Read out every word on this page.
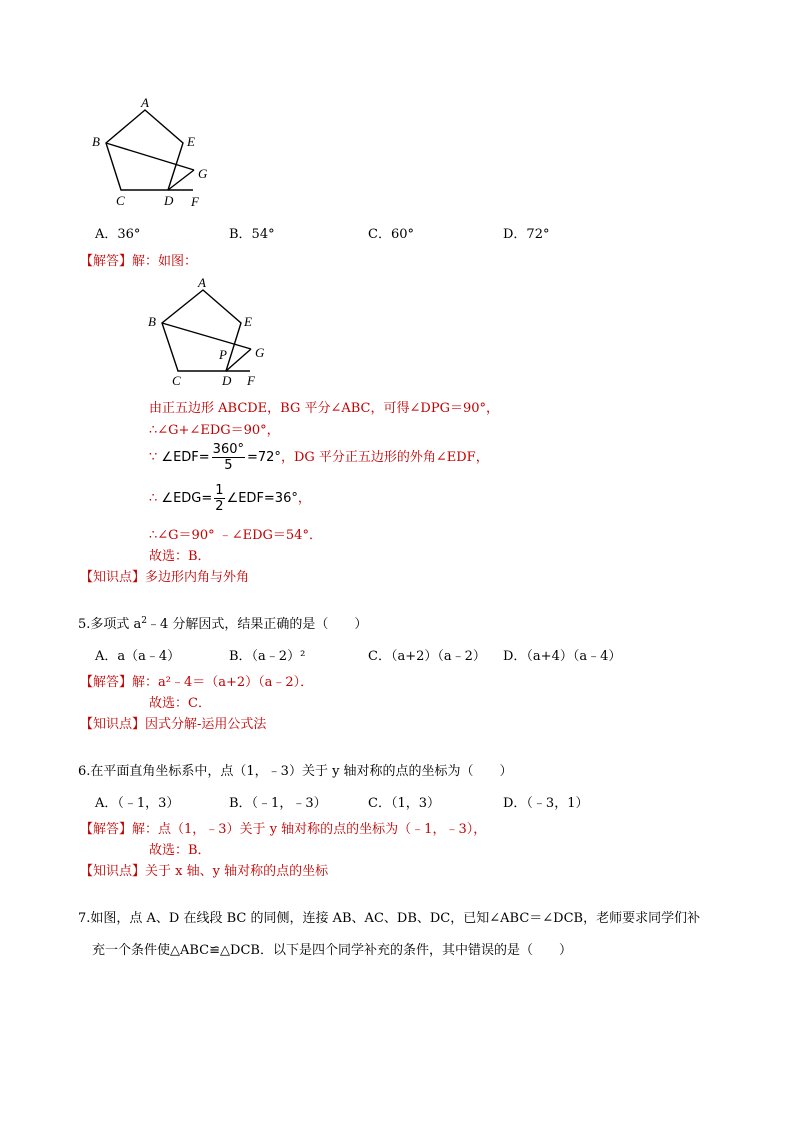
A
B	E
G
C	D F
A．36°	B．54°	C．60°	D．72°
【解答】解：如图：
A
B	E
P G
C	D F
由正五边形 ABCDE，BG 平分∠ABC，可得∠DPG＝90°，
∴∠G+∠EDG＝90°，
∵ ∠EDF= $\frac{360^\circ}{5} =72^\circ$，DG 平分正五边形的外角∠EDF，
∴ ∠EDG= $\frac{1}{2}$ ∠EDF=36°，
∴∠G＝90° ﹣∠EDG＝54°．
故选：B．
【知识点】多边形内角与外角
5.多项式 $a^2﹣4$ 分解因式，结果正确的是（　　）
A．a（a﹣4）	B．（a﹣2）²	C．（a+2）（a﹣2） D．（a+4）（a﹣4）
【解答】解：a²﹣4＝（a+2）（a﹣2）．
故选：C．
【知识点】因式分解-运用公式法
6.在平面直角坐标系中，点（1，﹣3）关于 y 轴对称的点的坐标为（　　）
A．（﹣1，3）	B．（﹣1，﹣3）	C．（1，3）	D．（﹣3，1）
【解答】解：点（1，﹣3）关于 y 轴对称的点的坐标为（﹣1，﹣3），
故选：B．
【知识点】关于 x 轴、y 轴对称的点的坐标
7.如图，点 A、D 在线段 BC 的同侧，连接 AB、AC、DB、DC，已知∠ABC＝∠DCB，老师要求同学们补
充一个条件使△ABC≌△DCB．以下是四个同学补充的条件，其中错误的是（　　）
